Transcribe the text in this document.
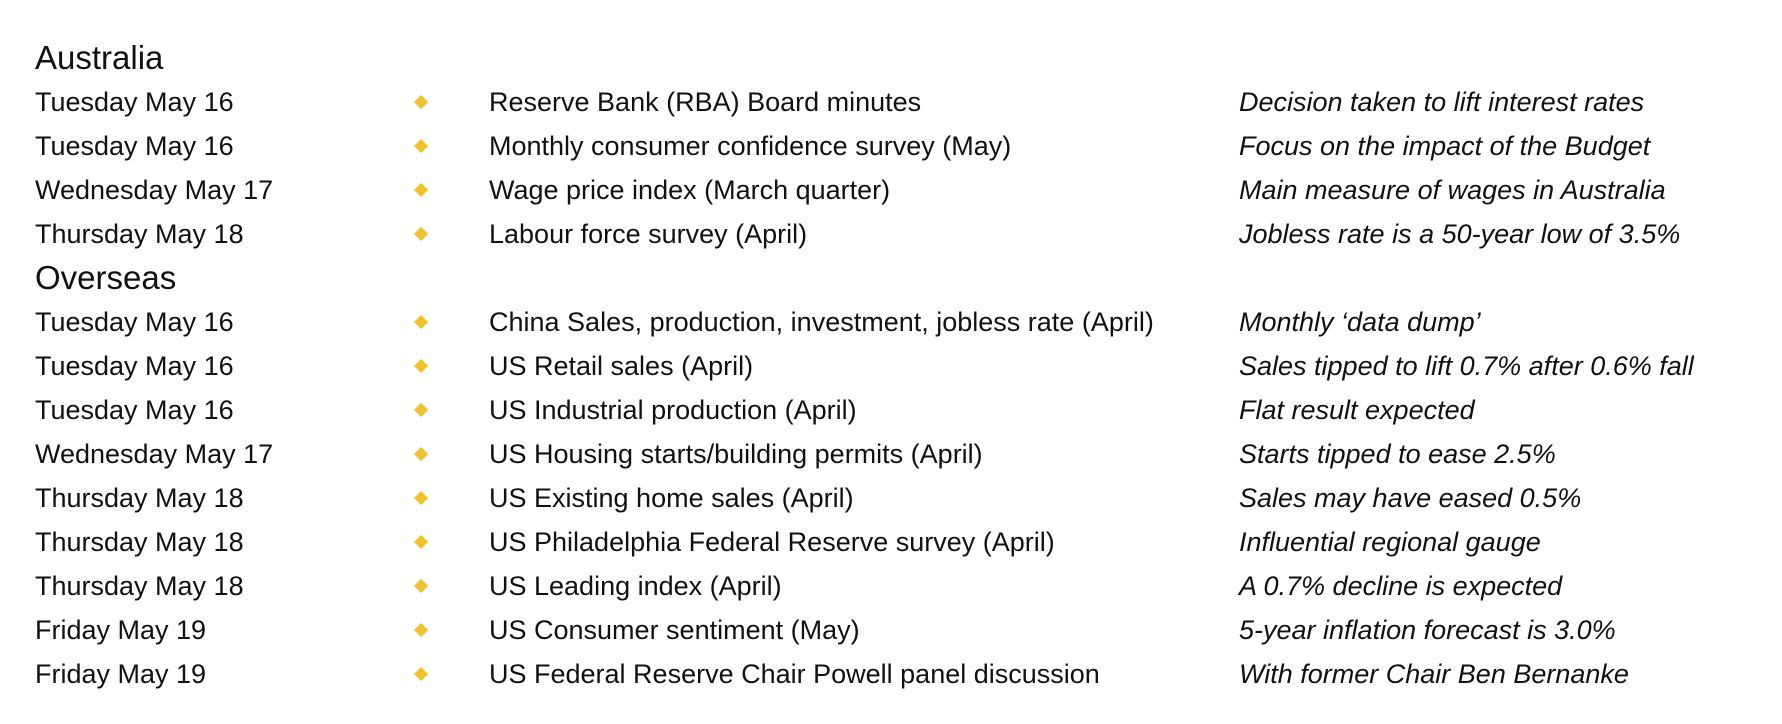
Australia
Tuesday May 16	Reserve Bank (RBA) Board minutes	Decision taken to lift interest rates
Tuesday May 16	Monthly consumer confidence survey (May)	Focus on the impact of the Budget
Wednesday May 17	Wage price index (March quarter)	Main measure of wages in Australia
Thursday May 18	Labour force survey (April)	Jobless rate is a 50-year low of 3.5%
Overseas
Tuesday May 16	China Sales, production, investment, jobless rate (April)	Monthly ‘data dump’
Tuesday May 16	US Retail sales (April)	Sales tipped to lift 0.7% after 0.6% fall
Tuesday May 16	US Industrial production (April)	Flat result expected
Wednesday May 17	US Housing starts/building permits (April)	Starts tipped to ease 2.5%
Thursday May 18	US Existing home sales (April)	Sales may have eased 0.5%
Thursday May 18	US Philadelphia Federal Reserve survey (April)	Influential regional gauge
Thursday May 18	US Leading index (April)	A 0.7% decline is expected
Friday May 19	US Consumer sentiment (May)	5-year inflation forecast is 3.0%
Friday May 19	US Federal Reserve Chair Powell panel discussion	With former Chair Ben Bernanke
